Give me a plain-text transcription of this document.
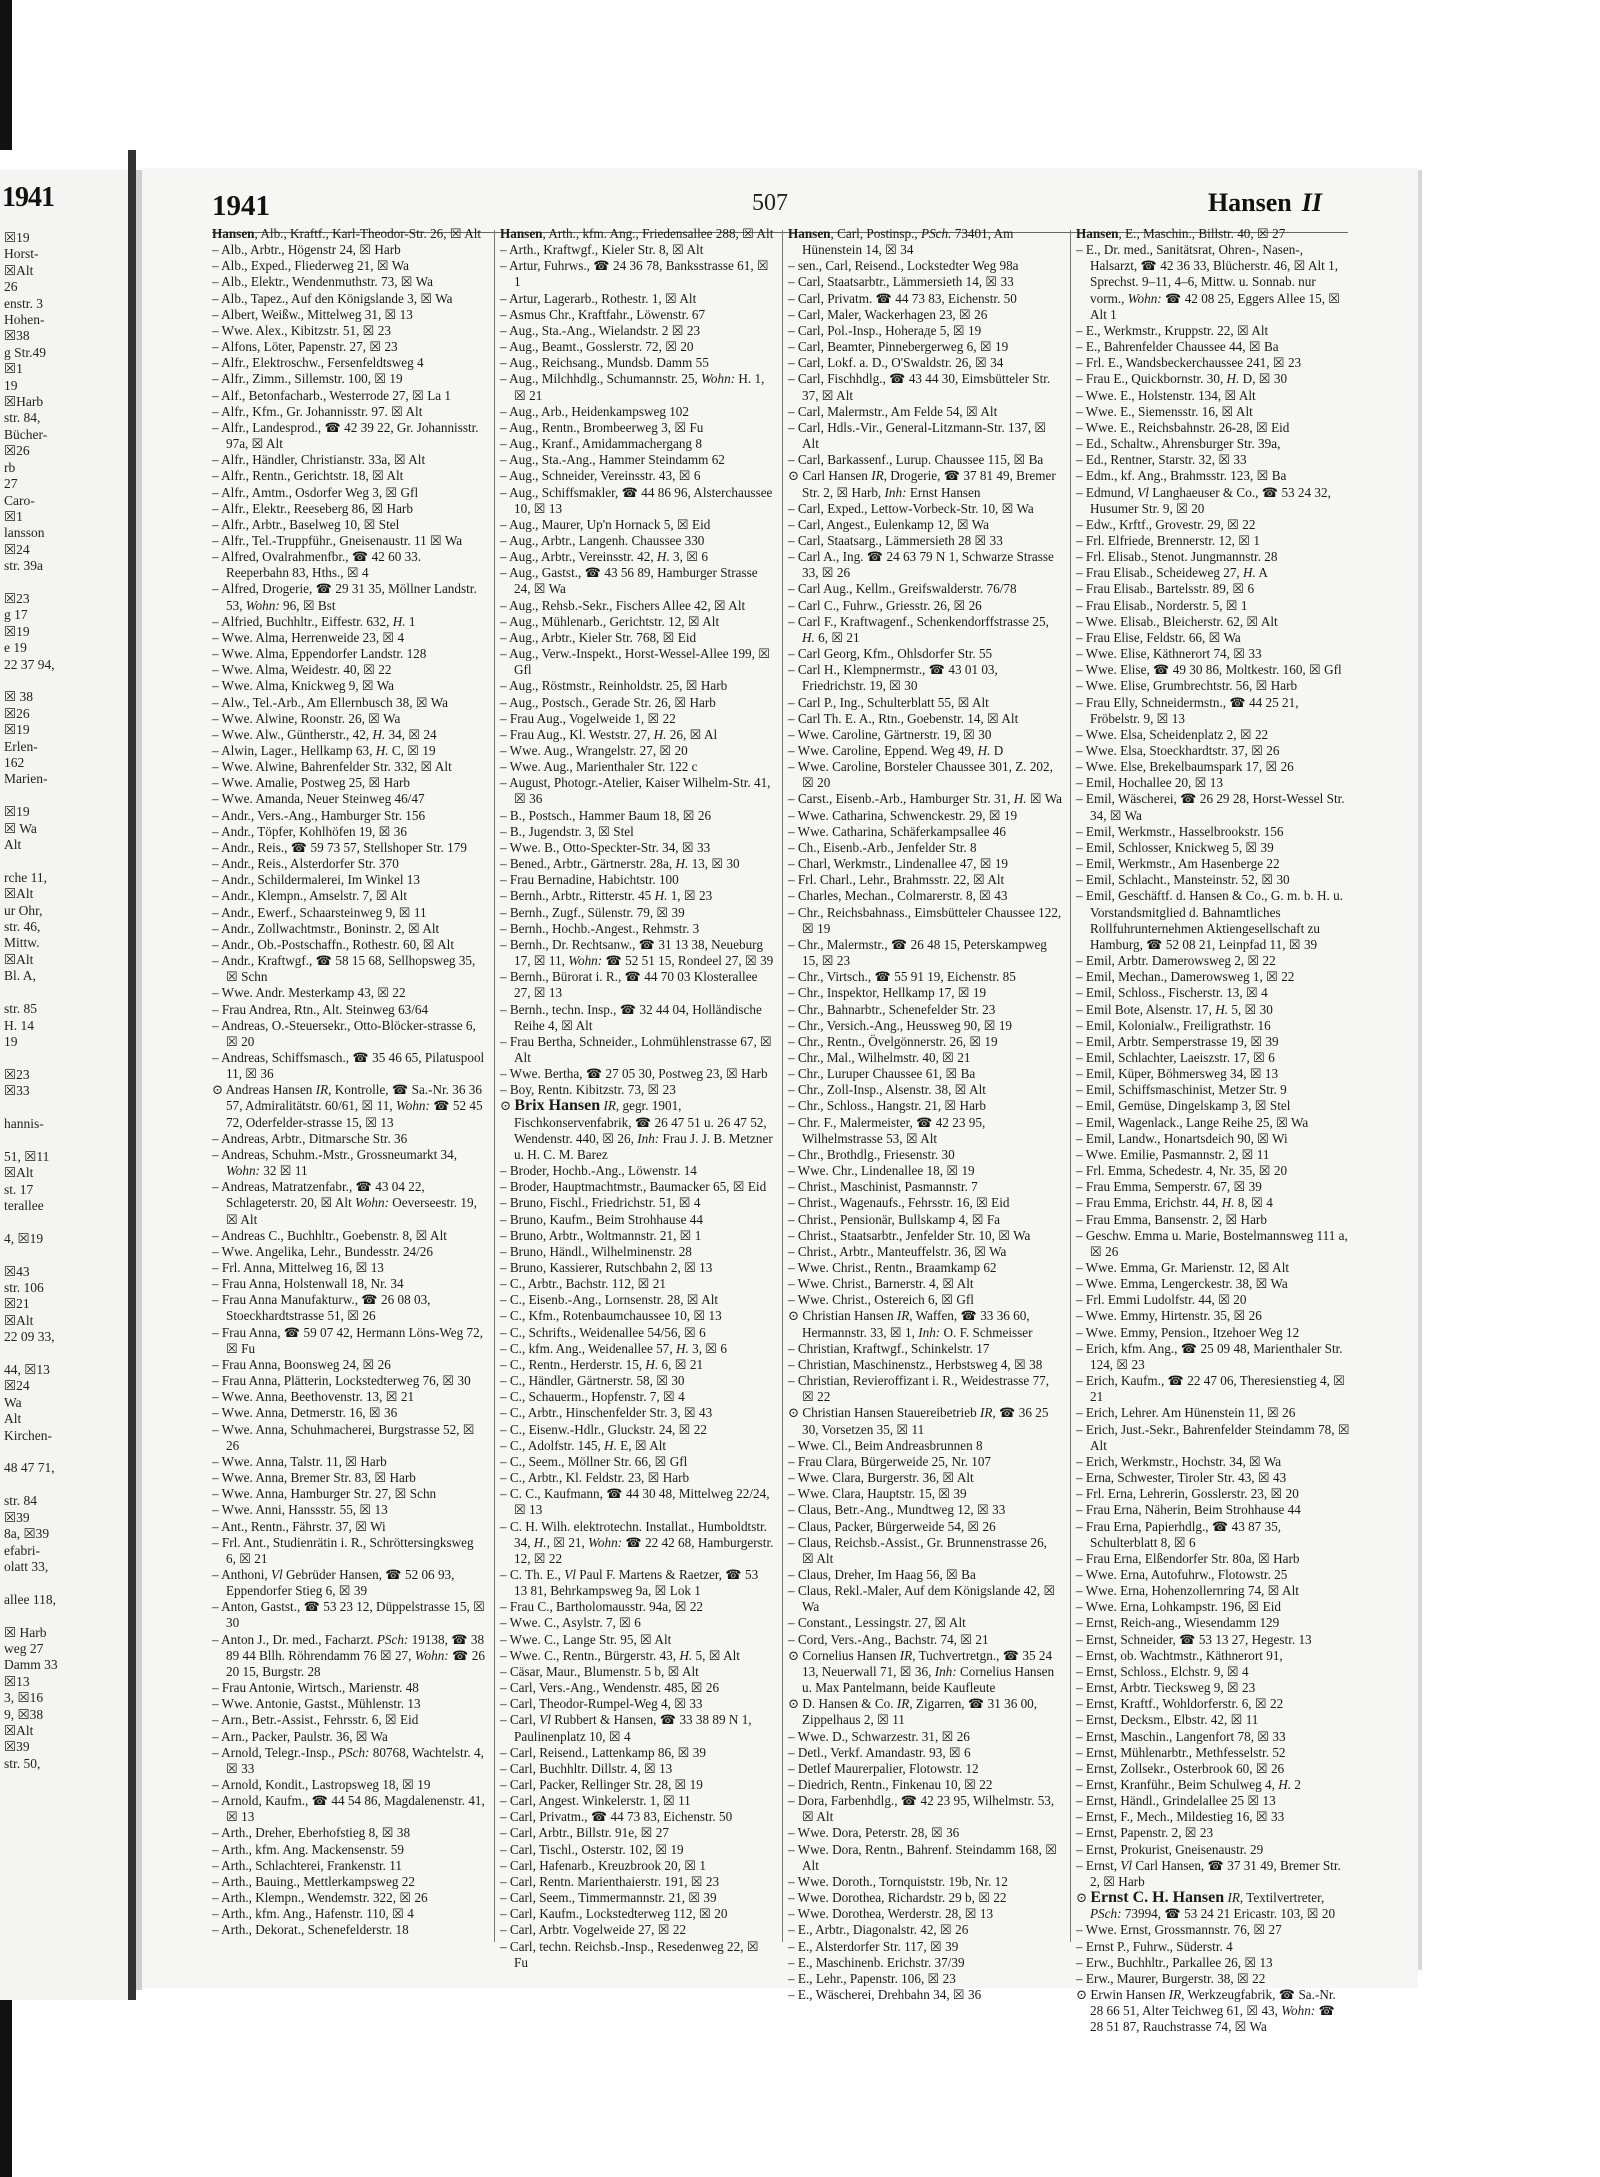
1941
☒19
Horst-
☒Alt
26
enstr. 3
Hohen-
☒38
g Str.49
☒1
19
☒Harb
str. 84,
Bücher-
☒26
rb
27
Caro-
☒1
lansson
☒24
str. 39a

☒23
g 17
☒19
e 19
22 37 94,

☒ 38
☒26
☒19
Erlen-
162
Marien-

☒19
☒ Wa
Alt

rche 11,
☒Alt
ur Ohr,
str. 46,
Mittw.
☒Alt
Bl. A,

str. 85
H. 14
19

☒23
☒33

hannis-

51, ☒11
☒Alt
st. 17
terallee

4, ☒19

☒43
str. 106
☒21
☒Alt
22 09 33,

44, ☒13
☒24
Wa
Alt
Kirchen-

48 47 71,

str. 84
☒39
8a, ☒39
efabri-
olatt 33,

allee 118,

☒ Harb
weg 27
Damm 33
☒13
3, ☒16
9, ☒38
☒Alt
☒39
str. 50,
1941	507	Hansen II

Hansen, Alb., Kraftf., Karl-Theodor-Str. 26, ☒ Alt

– Alb., Arbtr., Högenstr 24, ☒ Harb

– Alb., Exped., Fliederweg 21, ☒ Wa

– Alb., Elektr., Wendenmuthstr. 73, ☒ Wa

– Alb., Tapez., Auf den Königslande 3, ☒ Wa

– Albert, Weißw., Mittelweg 31, ☒ 13

– Wwe. Alex., Kibitzstr. 51, ☒ 23

– Alfons, Löter, Papenstr. 27, ☒ 23

– Alfr., Elektroschw., Fersenfeldtsweg 4

– Alfr., Zimm., Sillemstr. 100, ☒ 19

– Alf., Betonfacharb., Westerrode 27, ☒ La 1

– Alfr., Kfm., Gr. Johannisstr. 97. ☒ Alt

– Alfr., Landesprod., ☎ 42 39 22, Gr. Johannisstr. 97a, ☒ Alt

– Alfr., Händler, Christianstr. 33a, ☒ Alt

– Alfr., Rentn., Gerichtstr. 18, ☒ Alt

– Alfr., Amtm., Osdorfer Weg 3, ☒ Gfl

– Alfr., Elektr., Reeseberg 86, ☒ Harb

– Alfr., Arbtr., Baselweg 10, ☒ Stel

– Alfr., Tel.-Truppführ., Gneisenaustr. 11 ☒ Wa

– Alfred, Ovalrahmenfbr., ☎ 42 60 33. Reeperbahn 83, Hths., ☒ 4

– Alfred, Drogerie, ☎ 29 31 35, Möllner Landstr. 53, Wohn: 96, ☒ Bst

– Alfried, Buchhltr., Eiffestr. 632, H. 1

– Wwe. Alma, Herrenweide 23, ☒ 4

– Wwe. Alma, Eppendorfer Landstr. 128

– Wwe. Alma, Weidestr. 40, ☒ 22

– Wwe. Alma, Knickweg 9, ☒ Wa

– Alw., Tel.-Arb., Am Ellernbusch 38, ☒ Wa

– Wwe. Alwine, Roonstr. 26, ☒ Wa

– Wwe. Alw., Güntherstr., 42, H. 34, ☒ 24

– Alwin, Lager., Hellkamp 63, H. C, ☒ 19

– Wwe. Alwine, Bahrenfelder Str. 332, ☒ Alt

– Wwe. Amalie, Postweg 25, ☒ Harb

– Wwe. Amanda, Neuer Steinweg 46/47

– Andr., Vers.-Ang., Hamburger Str. 156

– Andr., Töpfer, Kohlhöfen 19, ☒ 36

– Andr., Reis., ☎ 59 73 57, Stellshoper Str. 179

– Andr., Reis., Alsterdorfer Str. 370

– Andr., Schildermalerei, Im Winkel 13

– Andr., Klempn., Amselstr. 7, ☒ Alt

– Andr., Ewerf., Schaarsteinweg 9, ☒ 11

– Andr., Zollwachtmstr., Boninstr. 2, ☒ Alt

– Andr., Ob.-Postschaffn., Rothestr. 60, ☒ Alt

– Andr., Kraftwgf., ☎ 58 15 68, Sellhopsweg 35, ☒ Schn

– Wwe. Andr. Mesterkamp 43, ☒ 22

– Frau Andrea, Rtn., Alt. Steinweg 63/64

– Andreas, O.-Steuersekr., Otto-Blöcker-strasse 6, ☒ 20

– Andreas, Schiffsmasch., ☎ 35 46 65, Pilatuspool 11, ☒ 36

⊙ Andreas Hansen IR, Kontrolle, ☎ Sa.-Nr. 36 36 57, Admiralitätstr. 60/61, ☒ 11, Wohn: ☎ 52 45 72, Oderfelder-strasse 15, ☒ 13

– Andreas, Arbtr., Ditmarsche Str. 36

– Andreas, Schuhm.-Mstr., Grossneumarkt 34, Wohn: 32 ☒ 11

– Andreas, Matratzenfabr., ☎ 43 04 22, Schlageterstr. 20, ☒ Alt Wohn: Oeverseestr. 19, ☒ Alt

– Andreas C., Buchhltr., Goebenstr. 8, ☒ Alt

– Wwe. Angelika, Lehr., Bundesstr. 24/26

– Frl. Anna, Mittelweg 16, ☒ 13

– Frau Anna, Holstenwall 18, Nr. 34

– Frau Anna Manufakturw., ☎ 26 08 03, Stoeckhardtstrasse 51, ☒ 26

– Frau Anna, ☎ 59 07 42, Hermann Löns-Weg 72, ☒ Fu

– Frau Anna, Boonsweg 24, ☒ 26

– Frau Anna, Plätterin, Lockstedterweg 76, ☒ 30

– Wwe. Anna, Beethovenstr. 13, ☒ 21

– Wwe. Anna, Detmerstr. 16, ☒ 36

– Wwe. Anna, Schuhmacherei, Burgstrasse 52, ☒ 26

– Wwe. Anna, Talstr. 11, ☒ Harb

– Wwe. Anna, Bremer Str. 83, ☒ Harb

– Wwe. Anna, Hamburger Str. 27, ☒ Schn

– Wwe. Anni, Hanssstr. 55, ☒ 13

– Ant., Rentn., Fährstr. 37, ☒ Wi

– Frl. Ant., Studienrätin i. R., Schröttersingksweg 6, ☒ 21

– Anthoni, Vl Gebrüder Hansen, ☎ 52 06 93, Eppendorfer Stieg 6, ☒ 39

– Anton, Gastst., ☎ 53 23 12, Düppelstrasse 15, ☒ 30

– Anton J., Dr. med., Facharzt. PSch: 19138, ☎ 38 89 44 Bllh. Röhrendamm 76 ☒ 27, Wohn: ☎ 26 20 15, Burgstr. 28

– Frau Antonie, Wirtsch., Marienstr. 48

– Wwe. Antonie, Gastst., Mühlenstr. 13

– Arn., Betr.-Assist., Fehrsstr. 6, ☒ Eid

– Arn., Packer, Paulstr. 36, ☒ Wa

– Arnold, Telegr.-Insp., PSch: 80768, Wachtelstr. 4, ☒ 33

– Arnold, Kondit., Lastropsweg 18, ☒ 19

– Arnold, Kaufm., ☎ 44 54 86, Magdalenenstr. 41, ☒ 13

– Arth., Dreher, Eberhofstieg 8, ☒ 38

– Arth., kfm. Ang. Mackensenstr. 59

– Arth., Schlachterei, Frankenstr. 11

– Arth., Bauing., Mettlerkampsweg 22

– Arth., Klempn., Wendemstr. 322, ☒ 26

– Arth., kfm. Ang., Hafenstr. 110, ☒ 4

– Arth., Dekorat., Schenefelderstr. 18

Hansen, Arth., kfm. Ang., Friedensallee 288, ☒ Alt

– Arth., Kraftwgf., Kieler Str. 8, ☒ Alt

– Artur, Fuhrws., ☎ 24 36 78, Banksstrasse 61, ☒ 1

– Artur, Lagerarb., Rothestr. 1, ☒ Alt

– Asmus Chr., Kraftfahr., Löwenstr. 67

– Aug., Sta.-Ang., Wielandstr. 2 ☒ 23

– Aug., Beamt., Gosslerstr. 72, ☒ 20

– Aug., Reichsang., Mundsb. Damm 55

– Aug., Milchhdlg., Schumannstr. 25, Wohn: H. 1, ☒ 21

– Aug., Arb., Heidenkampsweg 102

– Aug., Rentn., Brombeerweg 3, ☒ Fu

– Aug., Kranf., Amidammachergang 8

– Aug., Sta.-Ang., Hammer Steindamm 62

– Aug., Schneider, Vereinsstr. 43, ☒ 6

– Aug., Schiffsmakler, ☎ 44 86 96, Alsterchaussee 10, ☒ 13

– Aug., Maurer, Up'n Hornack 5, ☒ Eid

– Aug., Arbtr., Langenh. Chaussee 330

– Aug., Arbtr., Vereinsstr. 42, H. 3, ☒ 6

– Aug., Gastst., ☎ 43 56 89, Hamburger Strasse 24, ☒ Wa

– Aug., Rehsb.-Sekr., Fischers Allee 42, ☒ Alt

– Aug., Mühlenarb., Gerichtstr. 12, ☒ Alt

– Aug., Arbtr., Kieler Str. 768, ☒ Eid

– Aug., Verw.-Inspekt., Horst-Wessel-Allee 199, ☒ Gfl

– Aug., Röstmstr., Reinholdstr. 25, ☒ Harb

– Aug., Postsch., Gerade Str. 26, ☒ Harb

– Frau Aug., Vogelweide 1, ☒ 22

– Frau Aug., Kl. Weststr. 27, H. 26, ☒ Al

– Wwe. Aug., Wrangelstr. 27, ☒ 20

– Wwe. Aug., Marienthaler Str. 122 c

– August, Photogr.-Atelier, Kaiser Wilhelm-Str. 41, ☒ 36

– B., Postsch., Hammer Baum 18, ☒ 26

– B., Jugendstr. 3, ☒ Stel

– Wwe. B., Otto-Speckter-Str. 34, ☒ 33

– Bened., Arbtr., Gärtnerstr. 28a, H. 13, ☒ 30

– Frau Bernadine, Habichtstr. 100

– Bernh., Arbtr., Ritterstr. 45 H. 1, ☒ 23

– Bernh., Zugf., Sülenstr. 79, ☒ 39

– Bernh., Hochb.-Angest., Rehmstr. 3

– Bernh., Dr. Rechtsanw., ☎ 31 13 38, Neueburg 17, ☒ 11, Wohn: ☎ 52 51 15, Rondeel 27, ☒ 39

– Bernh., Bürorat i. R., ☎ 44 70 03 Klosterallee 27, ☒ 13

– Bernh., techn. Insp., ☎ 32 44 04, Holländische Reihe 4, ☒ Alt

– Frau Berthа, Schneider., Lohmühlenstrasse 67, ☒ Alt

– Wwe. Bertha, ☎ 27 05 30, Postweg 23, ☒ Harb

– Boy, Rentn. Kibitzstr. 73, ☒ 23

⊙ Brix Hansen IR, gegr. 1901, Fischkonservenfabrik, ☎ 26 47 51 u. 26 47 52, Wendenstr. 440, ☒ 26, Inh: Frau J. J. B. Metzner u. H. C. M. Barez

– Broder, Hochb.-Ang., Löwenstr. 14

– Broder, Hauptmachtmstr., Baumacker 65, ☒ Eid

– Bruno, Fischl., Friedrichstr. 51, ☒ 4

– Bruno, Kaufm., Beim Strohhause 44

– Bruno, Arbtr., Woltmannstr. 21, ☒ 1

– Bruno, Händl., Wilhelminenstr. 28

– Bruno, Kassierer, Rutschbahn 2, ☒ 13

– C., Arbtr., Bachstr. 112, ☒ 21

– C., Eisenb.-Ang., Lornsenstr. 28, ☒ Alt

– C., Kfm., Rotenbaumchaussee 10, ☒ 13

– C., Schrifts., Weidenallee 54/56, ☒ 6

– C., kfm. Ang., Weidenallee 57, H. 3, ☒ 6

– C., Rentn., Herderstr. 15, H. 6, ☒ 21

– C., Händler, Gärtnerstr. 58, ☒ 30

– C., Schauerm., Hopfenstr. 7, ☒ 4

– C., Arbtr., Hinschenfelder Str. 3, ☒ 43

– C., Eisenw.-Hdlr., Gluckstr. 24, ☒ 22

– C., Adolfstr. 145, H. E, ☒ Alt

– C., Seem., Möllner Str. 66, ☒ Gfl

– C., Arbtr., Kl. Feldstr. 23, ☒ Harb

– C. C., Kaufmann, ☎ 44 30 48, Mittelweg 22/24, ☒ 13

– C. H. Wilh. elektrotechn. Installat., Humboldtstr. 34, H., ☒ 21, Wohn: ☎ 22 42 68, Hamburgerstr. 12, ☒ 22

– C. Th. E., Vl Paul F. Martens & Raetzer, ☎ 53 13 81, Behrkampsweg 9a, ☒ Lok 1

– Frau C., Bartholomausstr. 94a, ☒ 22

– Wwe. C., Asylstr. 7, ☒ 6

– Wwe. C., Lange Str. 95, ☒ Alt

– Wwe. C., Rentn., Bürgerstr. 43, H. 5, ☒ Alt

– Cäsar, Maur., Blumenstr. 5 b, ☒ Alt

– Carl, Vers.-Ang., Wendenstr. 485, ☒ 26

– Carl, Theodor-Rumpel-Weg 4, ☒ 33

– Carl, Vl Rubbert & Hansen, ☎ 33 38 89 N 1, Paulinenplatz 10, ☒ 4

– Carl, Reisend., Lattenkamp 86, ☒ 39

– Carl, Buchhltr. Dillstr. 4, ☒ 13

– Carl, Packer, Rellinger Str. 28, ☒ 19

– Carl, Angest. Winkelerstr. 1, ☒ 11

– Carl, Privatm., ☎ 44 73 83, Eichenstr. 50

– Carl, Arbtr., Billstr. 91e, ☒ 27

– Carl, Tischl., Osterstr. 102, ☒ 19

– Carl, Hafenarb., Kreuzbrook 20, ☒ 1

– Carl, Rentn. Marienthaierstr. 191, ☒ 23

– Carl, Seem., Timmermannstr. 21, ☒ 39

– Carl, Kaufm., Lockstedterweg 112, ☒ 20

– Carl, Arbtr. Vogelweide 27, ☒ 22

– Carl, techn. Reichsb.-Insp., Resedenweg 22, ☒ Fu

Hansen, Carl, Postinsp., PSch. 73401, Am Hünenstein 14, ☒ 34

– sen., Carl, Reisend., Lockstedter Weg 98a

– Carl, Staatsarbtr., Lämmersieth 14, ☒ 33

– Carl, Privatm. ☎ 44 73 83, Eichenstr. 50

– Carl, Maler, Wackerhagen 23, ☒ 26

– Carl, Pol.-Insp., Hoheraде 5, ☒ 19

– Carl, Beamter, Pinnebergerweg 6, ☒ 19

– Carl, Lokf. a. D., O'Swaldstr. 26, ☒ 34

– Carl, Fischhdlg., ☎ 43 44 30, Eimsbütteler Str. 37, ☒ Alt

– Carl, Malermstr., Am Felde 54, ☒ Alt

– Carl, Hdls.-Vir., General-Litzmann-Str. 137, ☒ Alt

– Carl, Barkassenf., Lurup. Chaussee 115, ☒ Ba

⊙ Carl Hansen IR, Drogerie, ☎ 37 81 49, Bremer Str. 2, ☒ Harb, Inh: Ernst Hansen

– Carl, Exped., Lettow-Vorbeck-Str. 10, ☒ Wa

– Carl, Angest., Eulenkamp 12, ☒ Wa

– Carl, Staatsarg., Lämmersieth 28 ☒ 33

– Carl A., Ing. ☎ 24 63 79 N 1, Schwarze Strasse 33, ☒ 26

– Carl Aug., Kellm., Greifswalderstr. 76/78

– Carl C., Fuhrw., Griesstr. 26, ☒ 26

– Carl F., Kraftwagenf., Schenkendorffstrasse 25, H. 6, ☒ 21

– Carl Georg, Kfm., Ohlsdorfer Str. 55

– Carl H., Klempnermstr., ☎ 43 01 03, Friedrichstr. 19, ☒ 30

– Carl P., Ing., Schulterblatt 55, ☒ Alt

– Carl Th. E. A., Rtn., Goebenstr. 14, ☒ Alt

– Wwe. Caroline, Gärtnerstr. 19, ☒ 30

– Wwe. Caroline, Eppend. Weg 49, H. D

– Wwe. Caroline, Borsteler Chaussee 301, Z. 202, ☒ 20

– Carst., Eisenb.-Arb., Hamburger Str. 31, H. ☒ Wa

– Wwe. Catharina, Schwenckestr. 29, ☒ 19

– Wwe. Catharina, Schäferkampsallee 46

– Ch., Eisenb.-Arb., Jenfelder Str. 8

– Charl, Werkmstr., Lindenallee 47, ☒ 19

– Frl. Charl., Lehr., Brahmsstr. 22, ☒ Alt

– Charles, Mechan., Colmarerstr. 8, ☒ 43

– Chr., Reichsbahnass., Eimsbütteler Chaussee 122, ☒ 19

– Chr., Malermstr., ☎ 26 48 15, Peterskampweg 15, ☒ 23

– Chr., Virtsch., ☎ 55 91 19, Eichenstr. 85

– Chr., Inspektor, Hellkamp 17, ☒ 19

– Chr., Bahnarbtr., Schenefelder Str. 23

– Chr., Versich.-Ang., Heussweg 90, ☒ 19

– Chr., Rentn., Övelgönnerstr. 26, ☒ 19

– Chr., Mal., Wilhelmstr. 40, ☒ 21

– Chr., Luruper Chaussee 61, ☒ Ba

– Chr., Zoll-Insp., Alsenstr. 38, ☒ Alt

– Chr., Schloss., Hangstr. 21, ☒ Harb

– Chr. F., Malermeister, ☎ 42 23 95, Wilhelmstrasse 53, ☒ Alt

– Chr., Brothdlg., Friesenstr. 30

– Wwe. Chr., Lindenallee 18, ☒ 19

– Christ., Maschinist, Pasmannstr. 7

– Christ., Wagenaufs., Fehrsstr. 16, ☒ Eid

– Christ., Pensionär, Bullskamp 4, ☒ Fa

– Christ., Staatsarbtr., Jenfelder Str. 10, ☒ Wa

– Christ., Arbtr., Manteuffelstr. 36, ☒ Wa

– Wwe. Christ., Rentn., Braamkamp 62

– Wwe. Christ., Barnerstr. 4, ☒ Alt

– Wwe. Christ., Ostereich 6, ☒ Gfl

⊙ Christian Hansen IR, Waffen, ☎ 33 36 60, Hermannstr. 33, ☒ 1, Inh: O. F. Schmeisser

– Christian, Kraftwgf., Schinkelstr. 17

– Christian, Maschinenstz., Herbstsweg 4, ☒ 38

– Christian, Revieroffizant i. R., Weidestrasse 77, ☒ 22

⊙ Christian Hansen Stauereibetrieb IR, ☎ 36 25 30, Vorsetzen 35, ☒ 11

– Wwe. Cl., Beim Andreasbrunnen 8

– Frau Clara, Bürgerweide 25, Nr. 107

– Wwe. Clara, Burgerstr. 36, ☒ Alt

– Wwe. Clara, Hauptstr. 15, ☒ 39

– Claus, Betr.-Ang., Mundtweg 12, ☒ 33

– Claus, Packer, Bürgerweide 54, ☒ 26

– Claus, Reichsb.-Assist., Gr. Brunnenstrasse 26, ☒ Alt

– Claus, Dreher, Im Haag 56, ☒ Ba

– Claus, Rekl.-Maler, Auf dem Königslande 42, ☒ Wa

– Constant., Lessingstr. 27, ☒ Alt

– Cord, Vers.-Ang., Bachstr. 74, ☒ 21

⊙ Cornelius Hansen IR, Tuchvertretgn., ☎ 35 24 13, Neuerwall 71, ☒ 36, Inh: Cornelius Hansen u. Max Pantelmann, beide Kaufleute

⊙ D. Hansen & Co. IR, Zigarren, ☎ 31 36 00, Zippelhaus 2, ☒ 11

– Wwe. D., Schwarzestr. 31, ☒ 26

– Detl., Verkf. Amandastr. 93, ☒ 6

– Detlef Maurerpalier, Flotowstr. 12

– Diedrich, Rentn., Finkenau 10, ☒ 22

– Dora, Farbenhdlg., ☎ 42 23 95, Wilhelmstr. 53, ☒ Alt

– Wwe. Dora, Peterstr. 28, ☒ 36

– Wwe. Dora, Rentn., Bahrenf. Steindamm 168, ☒ Alt

– Wwe. Doroth., Tornquiststr. 19b, Nr. 12

– Wwe. Dorothea, Richardstr. 29 b, ☒ 22

– Wwe. Dorothea, Werderstr. 28, ☒ 13

– E., Arbtr., Diagonalstr. 42, ☒ 26

– E., Alsterdorfer Str. 117, ☒ 39

– E., Maschinenb. Erichstr. 37/39

– E., Lehr., Papenstr. 106, ☒ 23

– E., Wäscherei, Drehbahn 34, ☒ 36

Hansen, E., Maschin., Billstr. 40, ☒ 27

– E., Dr. med., Sanitätsrat, Ohren-, Nasen-, Halsarzt, ☎ 42 36 33, Blücherstr. 46, ☒ Alt 1, Sprechst. 9–11, 4–6, Mittw. u. Sonnab. nur vorm., Wohn: ☎ 42 08 25, Eggers Allee 15, ☒ Alt 1

– E., Werkmstr., Kruppstr. 22, ☒ Alt

– E., Bahrenfelder Chaussee 44, ☒ Ba

– Frl. E., Wandsbeckerchaussee 241, ☒ 23

– Frau E., Quickbornstr. 30, H. D, ☒ 30

– Wwe. E., Holstenstr. 134, ☒ Alt

– Wwe. E., Siemensstr. 16, ☒ Alt

– Wwe. E., Reichsbahnstr. 26-28, ☒ Eid

– Ed., Schaltw., Ahrensburger Str. 39a,

– Ed., Rentner, Starstr. 32, ☒ 33

– Edm., kf. Ang., Brahmsstr. 123, ☒ Ba

– Edmund, Vl Langhaeuser & Co., ☎ 53 24 32, Husumer Str. 9, ☒ 20

– Edw., Krftf., Grovestr. 29, ☒ 22

– Frl. Elfriede, Brennerstr. 12, ☒ 1

– Frl. Elisab., Stenot. Jungmannstr. 28

– Frau Elisab., Scheideweg 27, H. A

– Frau Elisab., Bartelsstr. 89, ☒ 6

– Frau Elisab., Norderstr. 5, ☒ 1

– Wwe. Elisab., Bleicherstr. 62, ☒ Alt

– Frau Elise, Feldstr. 66, ☒ Wa

– Wwe. Elise, Käthnerort 74, ☒ 33

– Wwe. Elise, ☎ 49 30 86, Moltkestr. 160, ☒ Gfl

– Wwe. Elise, Grumbrechtstr. 56, ☒ Harb

– Frau Elly, Schneidermstn., ☎ 44 25 21, Fröbelstr. 9, ☒ 13

– Wwe. Elsa, Scheidenplatz 2, ☒ 22

– Wwe. Elsa, Stoeckhardtstr. 37, ☒ 26

– Wwe. Else, Brekelbaumspark 17, ☒ 26

– Emil, Hochallee 20, ☒ 13

– Emil, Wäscherei, ☎ 26 29 28, Horst-Wessel Str. 34, ☒ Wa

– Emil, Werkmstr., Hasselbrookstr. 156

– Emil, Schlosser, Knickweg 5, ☒ 39

– Emil, Werkmstr., Am Hasenberge 22

– Emil, Schlacht., Mansteinstr. 52, ☒ 30

– Emil, Geschäftf. d. Hansen & Co., G. m. b. H. u. Vorstandsmitglied d. Bahnamtliches Rollfuhrunternehmen Aktiengesellschaft zu Hamburg, ☎ 52 08 21, Leinpfad 11, ☒ 39

– Emil, Arbtr. Damerowsweg 2, ☒ 22

– Emil, Mechan., Damerowsweg 1, ☒ 22

– Emil, Schloss., Fischerstr. 13, ☒ 4

– Emil Bote, Alsenstr. 17, H. 5, ☒ 30

– Emil, Kolonialw., Freiligrathstr. 16

– Emil, Arbtr. Semperstrasse 19, ☒ 39

– Emil, Schlachter, Laeiszstr. 17, ☒ 6

– Emil, Küper, Böhmersweg 34, ☒ 13

– Emil, Schiffsmaschinist, Metzer Str. 9

– Emil, Gemüse, Dingelskamp 3, ☒ Stel

– Emil, Wagenlack., Lange Reihe 25, ☒ Wa

– Emil, Landw., Honartsdeich 90, ☒ Wi

– Wwe. Emilie, Pasmannstr. 2, ☒ 11

– Frl. Emma, Schedestr. 4, Nr. 35, ☒ 20

– Frau Emma, Semperstr. 67, ☒ 39

– Frau Emma, Erichstr. 44, H. 8, ☒ 4

– Frau Emma, Bansenstr. 2, ☒ Harb

– Geschw. Emma u. Marie, Bostelmannsweg 111 a, ☒ 26

– Wwe. Emma, Gr. Marienstr. 12, ☒ Alt

– Wwe. Emma, Lengerckestr. 38, ☒ Wa

– Frl. Emmi Ludolfstr. 44, ☒ 20

– Wwe. Emmy, Hirtenstr. 35, ☒ 26

– Wwe. Emmy, Pension., Itzehoer Weg 12

– Erich, kfm. Ang., ☎ 25 09 48, Marienthaler Str. 124, ☒ 23

– Erich, Kaufm., ☎ 22 47 06, Theresienstieg 4, ☒ 21

– Erich, Lehrer. Am Hünenstein 11, ☒ 26

– Erich, Just.-Sekr., Bahrenfelder Steindamm 78, ☒ Alt

– Erich, Werkmstr., Hochstr. 34, ☒ Wa

– Erna, Schwester, Tiroler Str. 43, ☒ 43

– Frl. Erna, Lehrerin, Gosslerstr. 23, ☒ 20

– Frau Erna, Näherin, Beim Strohhause 44

– Frau Erna, Papierhdlg., ☎ 43 87 35, Schulterblatt 8, ☒ 6

– Frau Erna, Elßendorfer Str. 80a, ☒ Harb

– Wwe. Erna, Autofuhrw., Flotowstr. 25

– Wwe. Erna, Hohenzollernring 74, ☒ Alt

– Wwe. Erna, Lohkampstr. 196, ☒ Eid

– Ernst, Reich-ang., Wiesendamm 129

– Ernst, Schneider, ☎ 53 13 27, Hegestr. 13

– Ernst, ob. Wachtmstr., Käthnerort 91,

– Ernst, Schloss., Elchstr. 9, ☒ 4

– Ernst, Arbtr. Tiecksweg 9, ☒ 23

– Ernst, Kraftf., Wohldorferstr. 6, ☒ 22

– Ernst, Decksm., Elbstr. 42, ☒ 11

– Ernst, Maschin., Langenfort 78, ☒ 33

– Ernst, Mühlenarbtr., Methfesselstr. 52

– Ernst, Zollsekr., Osterbrook 60, ☒ 26

– Ernst, Kranführ., Beim Schulweg 4, H. 2

– Ernst, Händl., Grindelallee 25 ☒ 13

– Ernst, F., Mech., Mildestieg 16, ☒ 33

– Ernst, Papenstr. 2, ☒ 23

– Ernst, Prokurist, Gneisenaustr. 29

– Ernst, Vl Carl Hansen, ☎ 37 31 49, Bremer Str. 2, ☒ Harb

⊙ Ernst C. H. Hansen IR, Textilvertreter, PSch: 73994, ☎ 53 24 21 Ericastr. 103, ☒ 20

– Wwe. Ernst, Grossmannstr. 76, ☒ 27

– Ernst P., Fuhrw., Süderstr. 4

– Erw., Buchhltr., Parkallee 26, ☒ 13

– Erw., Maurer, Burgerstr. 38, ☒ 22

⊙ Erwin Hansen IR, Werkzeugfabrik, ☎ Sa.-Nr. 28 66 51, Alter Teichweg 61, ☒ 43, Wohn: ☎ 28 51 87, Rauchstrasse 74, ☒ Wa
